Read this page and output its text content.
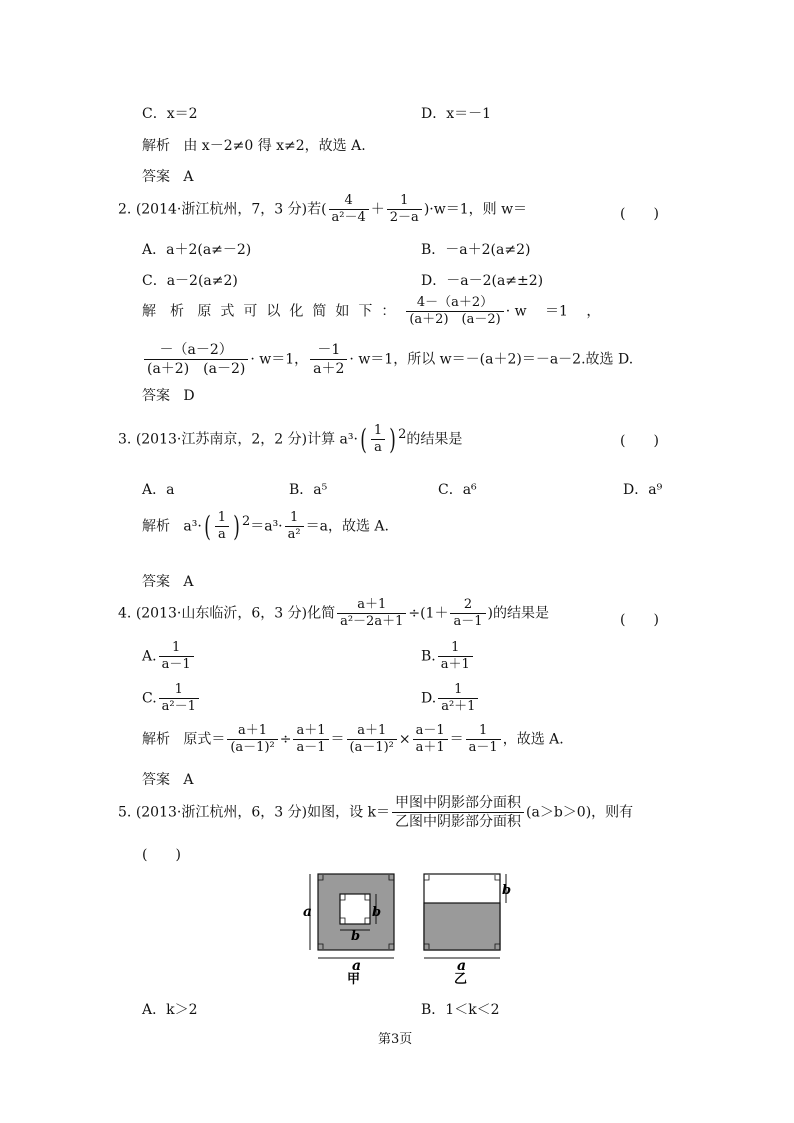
C．x＝2	D．x＝－1
解析 由 x－2≠0 得 x≠2，故选 A.
答案 A
2. (2014·浙江杭州，7，3 分)若( $\frac{4}{\text{a²－4}} + \frac{1}{2-a} )\cdot w=1$，则 w＝	(　　)
A．a＋2(a≠－2)	B．－a＋2(a≠2)
C．a－2(a≠2)	D．－a－2(a≠±2)
解　析 原式可以化简如下： $\frac{4-(a+2)}{(a+2) (a-2)} \cdot w$　 ＝1　 ，
$\frac{-(a-2)}{(a+2) (a-2)} \cdot w=1$， $\frac{-1}{a+2} \cdot w=1$，所以 w＝－(a＋2)＝－a－2.故选 D.
答案 D
3. (2013·江苏南京，2，2 分)计算 $a^3\cdot( \frac{1}{a}$ ) 2的结果是	(　　)
A．a	B．a⁵	C．a⁶	D．a⁹
解析 $a^3\cdot( \frac{1}{a}$ ) $2=a^3\cdot \frac{1}{\text{a²}} =a$，故选 A.
答案 A
4. (2013·山东临沂，6，3 分)化简 $\frac{a+1}{\text{a²－2a＋1}} \div(1+ \frac{2}{a-1}$ )的结果是	(　　)
A. $\frac{1}{a-1}$	B. $\frac{1}{a+1}$
C. $\frac{1}{\text{a²－1}}$	D. $\frac{1}{\text{a²＋1}}$
解析 原式＝ $\frac{a+1}{\text{(a－1)²}} \div \frac{a+1}{a-1} = \frac{a+1}{\text{(a－1)²}} \times \frac{a-1}{a+1} = \frac{1}{a-1}$ ，故选 A.
答案 A
5. (2013·浙江杭州，6，3 分)如图，设 $k= \frac{\text{甲图中阴影部分面积}}{\text{乙图中阴影部分面积}} (a>b>0)$，则有
(　　)
a
b
b
a
甲
b
a
乙
A．k＞2	B．1＜k＜2
第3页
